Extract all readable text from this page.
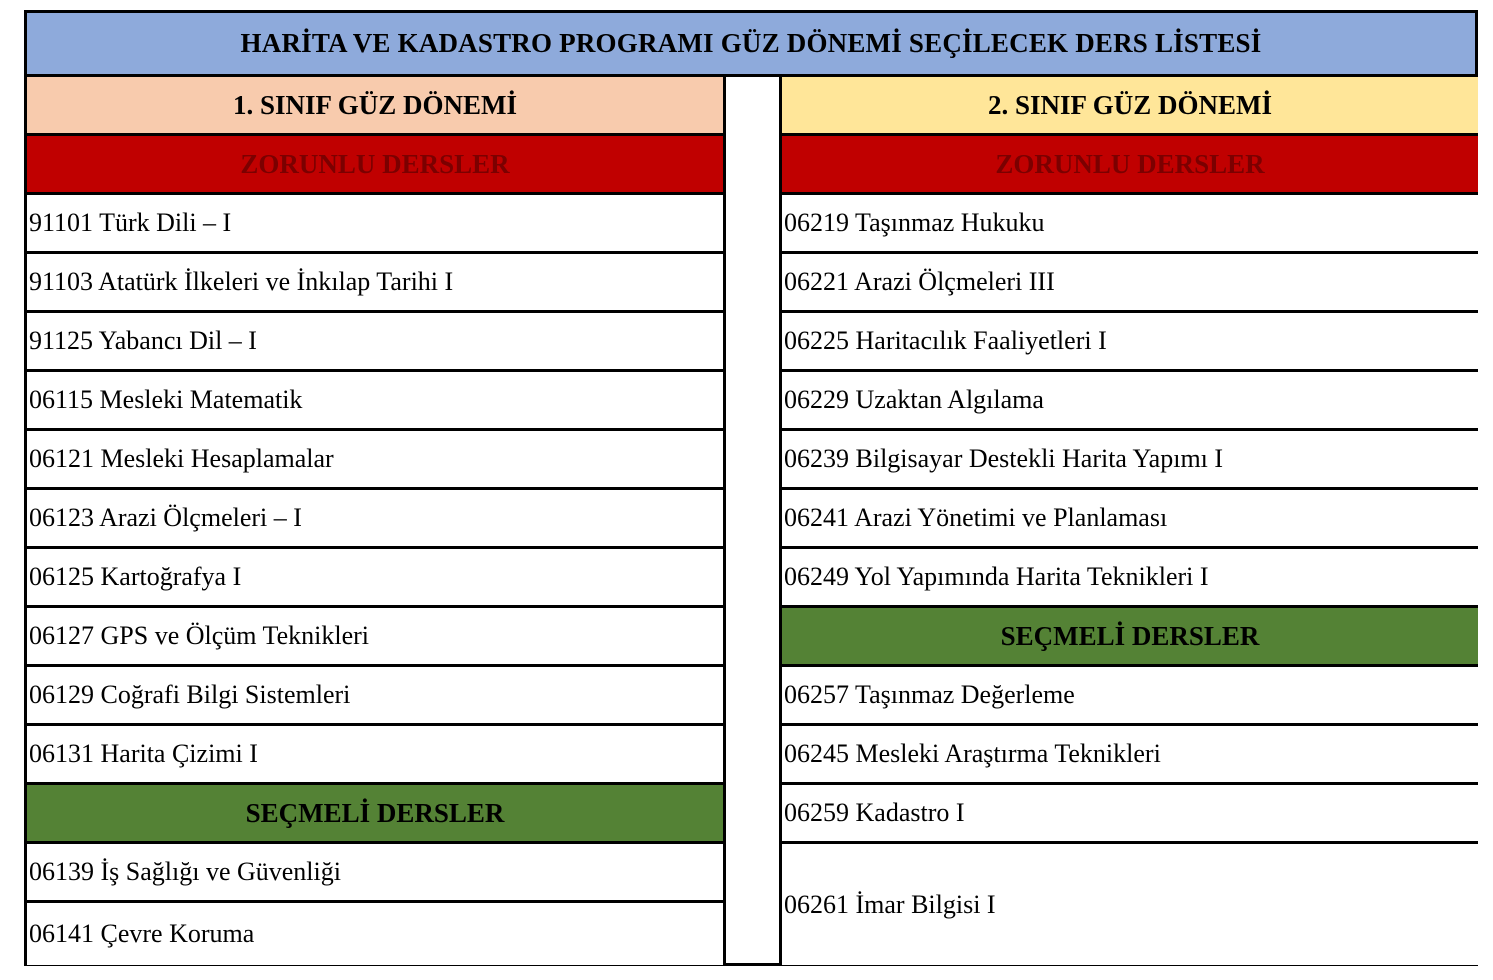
HARİTA VE KADASTRO PROGRAMI GÜZ DÖNEMİ SEÇİLECEK DERS LİSTESİ
1. SINIF GÜZ DÖNEMİ
ZORUNLU DERSLER
91101 Türk Dili – I
91103 Atatürk İlkeleri ve İnkılap Tarihi I
91125 Yabancı Dil – I
06115 Mesleki Matematik
06121 Mesleki Hesaplamalar
06123 Arazi Ölçmeleri – I
06125 Kartoğrafya I
06127 GPS ve Ölçüm Teknikleri
06129 Coğrafi Bilgi Sistemleri
06131 Harita Çizimi I
SEÇMELİ DERSLER
06139 İş Sağlığı ve Güvenliği
06141 Çevre Koruma
2. SINIF GÜZ DÖNEMİ
ZORUNLU DERSLER
06219 Taşınmaz Hukuku
06221 Arazi Ölçmeleri III
06225 Haritacılık Faaliyetleri I
06229 Uzaktan Algılama
06239 Bilgisayar Destekli Harita Yapımı I
06241 Arazi Yönetimi ve Planlaması
06249 Yol Yapımında Harita Teknikleri I
SEÇMELİ DERSLER
06257 Taşınmaz Değerleme
06245 Mesleki Araştırma Teknikleri
06259 Kadastro I
06261 İmar Bilgisi I
